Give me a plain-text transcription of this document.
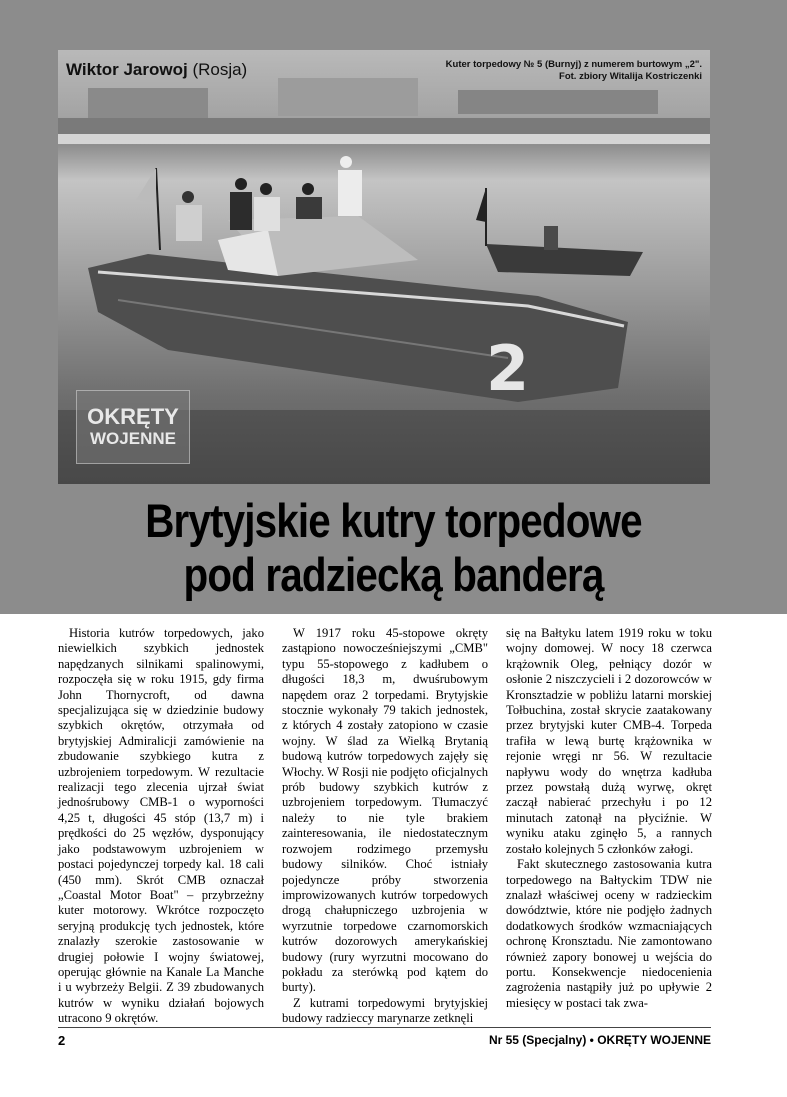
2
Wiktor Jarowoj (Rosja)	Kuter torpedowy № 5 (Burnyj) z numerem burtowym „2".
Fot. zbiory Witalija Kostriczenki
OKRĘTY
WOJENNE
Brytyjskie kutry torpedowe
pod radziecką banderą

Historia kutrów torpedowych, jako niewielkich szybkich jednostek napędzanych silnikami spalinowymi, rozpoczęła się w roku 1915, gdy firma John Thornycroft, od dawna specjalizująca się w dziedzinie budowy szybkich okrętów, otrzymała od brytyjskiej Admiralicji zamówienie na zbudowanie szybkiego kutra z uzbrojeniem torpedowym. W rezultacie realizacji tego zlecenia ujrzał świat jednośrubowy CMB-1 o wyporności 4,25 t, długości 45 stóp (13,7 m) i prędkości do 25 węzłów, dysponujący jako podstawowym uzbrojeniem w postaci pojedynczej torpedy kal. 18 cali (450 mm). Skrót CMB oznaczał „Coastal Motor Boat" – przybrzeżny kuter motorowy. Wkrótce rozpoczęto seryjną produkcję tych jednostek, które znalazły szerokie zastosowanie w drugiej połowie I wojny światowej, operując głównie na Kanale La Manche i u wybrzeży Belgii. Z 39 zbudowanych kutrów w wyniku działań bojowych utracono 9 okrętów.

W 1917 roku 45-stopowe okręty zastąpiono nowocześniejszymi „CMB" typu 55-stopowego z kadłubem o długości 18,3 m, dwuśrubowym napędem oraz 2 torpedami. Brytyjskie stocznie wykonały 79 takich jednostek, z których 4 zostały zatopiono w czasie wojny. W ślad za Wielką Brytanią budową kutrów torpedowych zajęły się Włochy. W Rosji nie podjęto oficjalnych prób budowy szybkich kutrów z uzbrojeniem torpedowym. Tłumaczyć należy to nie tyle brakiem zainteresowania, ile niedostatecznym rozwojem rodzimego przemysłu budowy silników. Choć istniały pojedyncze próby stworzenia improwizowanych kutrów torpedowych drogą chałupniczego uzbrojenia w wyrzutnie torpedowe czarnomorskich kutrów dozorowych amerykańskiej budowy (rury wyrzutni mocowano do pokładu za sterówką pod kątem do burty).

Z kutrami torpedowymi brytyjskiej budowy radzieccy marynarze zetknęli

się na Bałtyku latem 1919 roku w toku wojny domowej. W nocy 18 czerwca krążownik Oleg, pełniący dozór w osłonie 2 niszczycieli i 2 dozorowców w Kronsztadzie w pobliżu latarni morskiej Tołbuchina, został skrycie zaatakowany przez brytyjski kuter CMB-4. Torpeda trafiła w lewą burtę krążownika w rejonie wręgi nr 56. W rezultacie napływu wody do wnętrza kadłuba przez powstałą dużą wyrwę, okręt zaczął nabierać przechyłu i po 12 minutach zatonął na płyciźnie. W wyniku ataku zginęło 5, a rannych zostało kolejnych 5 członków załogi.

Fakt skutecznego zastosowania kutra torpedowego na Bałtyckim TDW nie znalazł właściwej oceny w radzieckim dowództwie, które nie podjęło żadnych dodatkowych środków wzmacniających ochronę Kronsztadu. Nie zamontowano również zapory bonowej u wejścia do portu. Konsekwencje niedocenienia zagrożenia nastąpiły już po upływie 2 miesięcy w postaci tak zwa-

2	Nr 55 (Specjalny) • OKRĘTY WOJENNE
